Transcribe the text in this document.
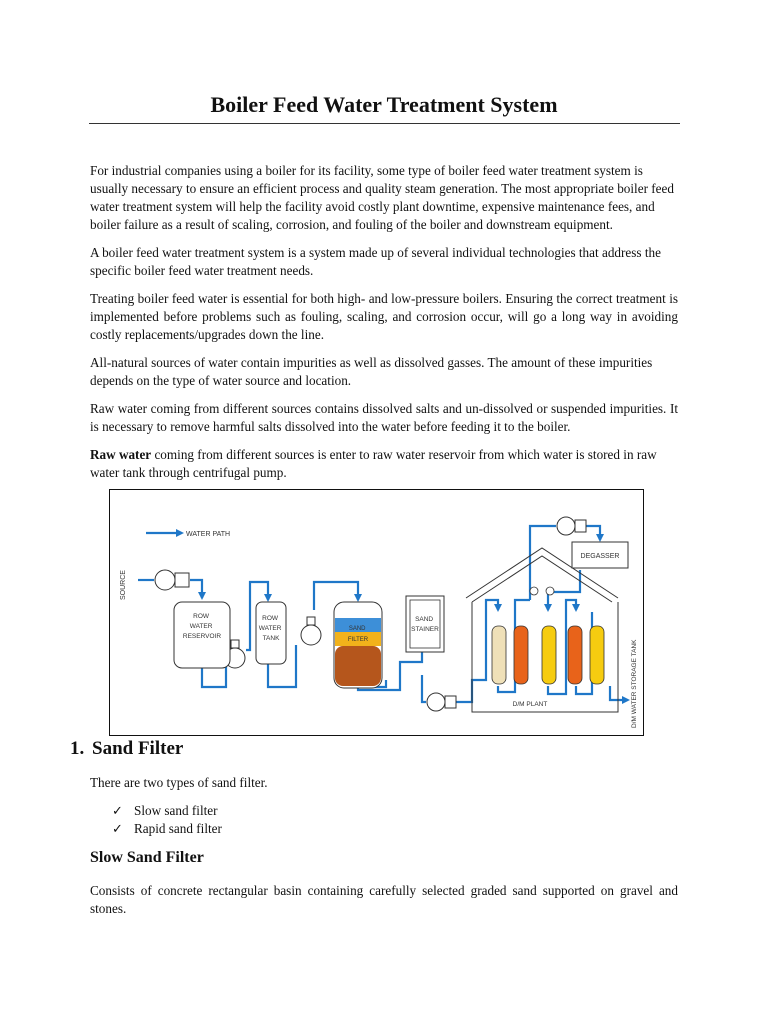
Boiler Feed Water Treatment System

For industrial companies using a boiler for its facility, some type of boiler feed water treatment system is usually necessary to ensure an efficient process and quality steam generation. The most appropriate boiler feed water treatment system will help the facility avoid costly plant downtime, expensive maintenance fees, and boiler failure as a result of scaling, corrosion, and fouling of the boiler and downstream equipment.

A boiler feed water treatment system is a system made up of several individual technologies that address the specific boiler feed water treatment needs.

Treating boiler feed water is essential for both high- and low-pressure boilers. Ensuring the correct treatment is implemented before problems such as fouling, scaling, and corrosion occur, will go a long way in avoiding costly replacements/upgrades down the line.

All-natural sources of water contain impurities as well as dissolved gasses. The amount of these impurities depends on the type of water source and location.

Raw water coming from different sources contains dissolved salts and un-dissolved or suspended impurities. It is necessary to remove harmful salts dissolved into the water before feeding it to the boiler.

Raw water coming from different sources is enter to raw water reservoir from which water is stored in raw water tank through centrifugal pump.

WATER PATH
SOURCE
ROW WATER RESERVOIR
ROW WATER TANK
SAND FILTER
SAND STAINER
DEGASSER
D/M PLANT	D/M WATER STORAGE TANK
1. Sand Filter

There are two types of sand filter.

✓ Slow sand filter
✓ Rapid sand filter
Slow Sand Filter

Consists of concrete rectangular basin containing carefully selected graded sand supported on gravel and stones.
